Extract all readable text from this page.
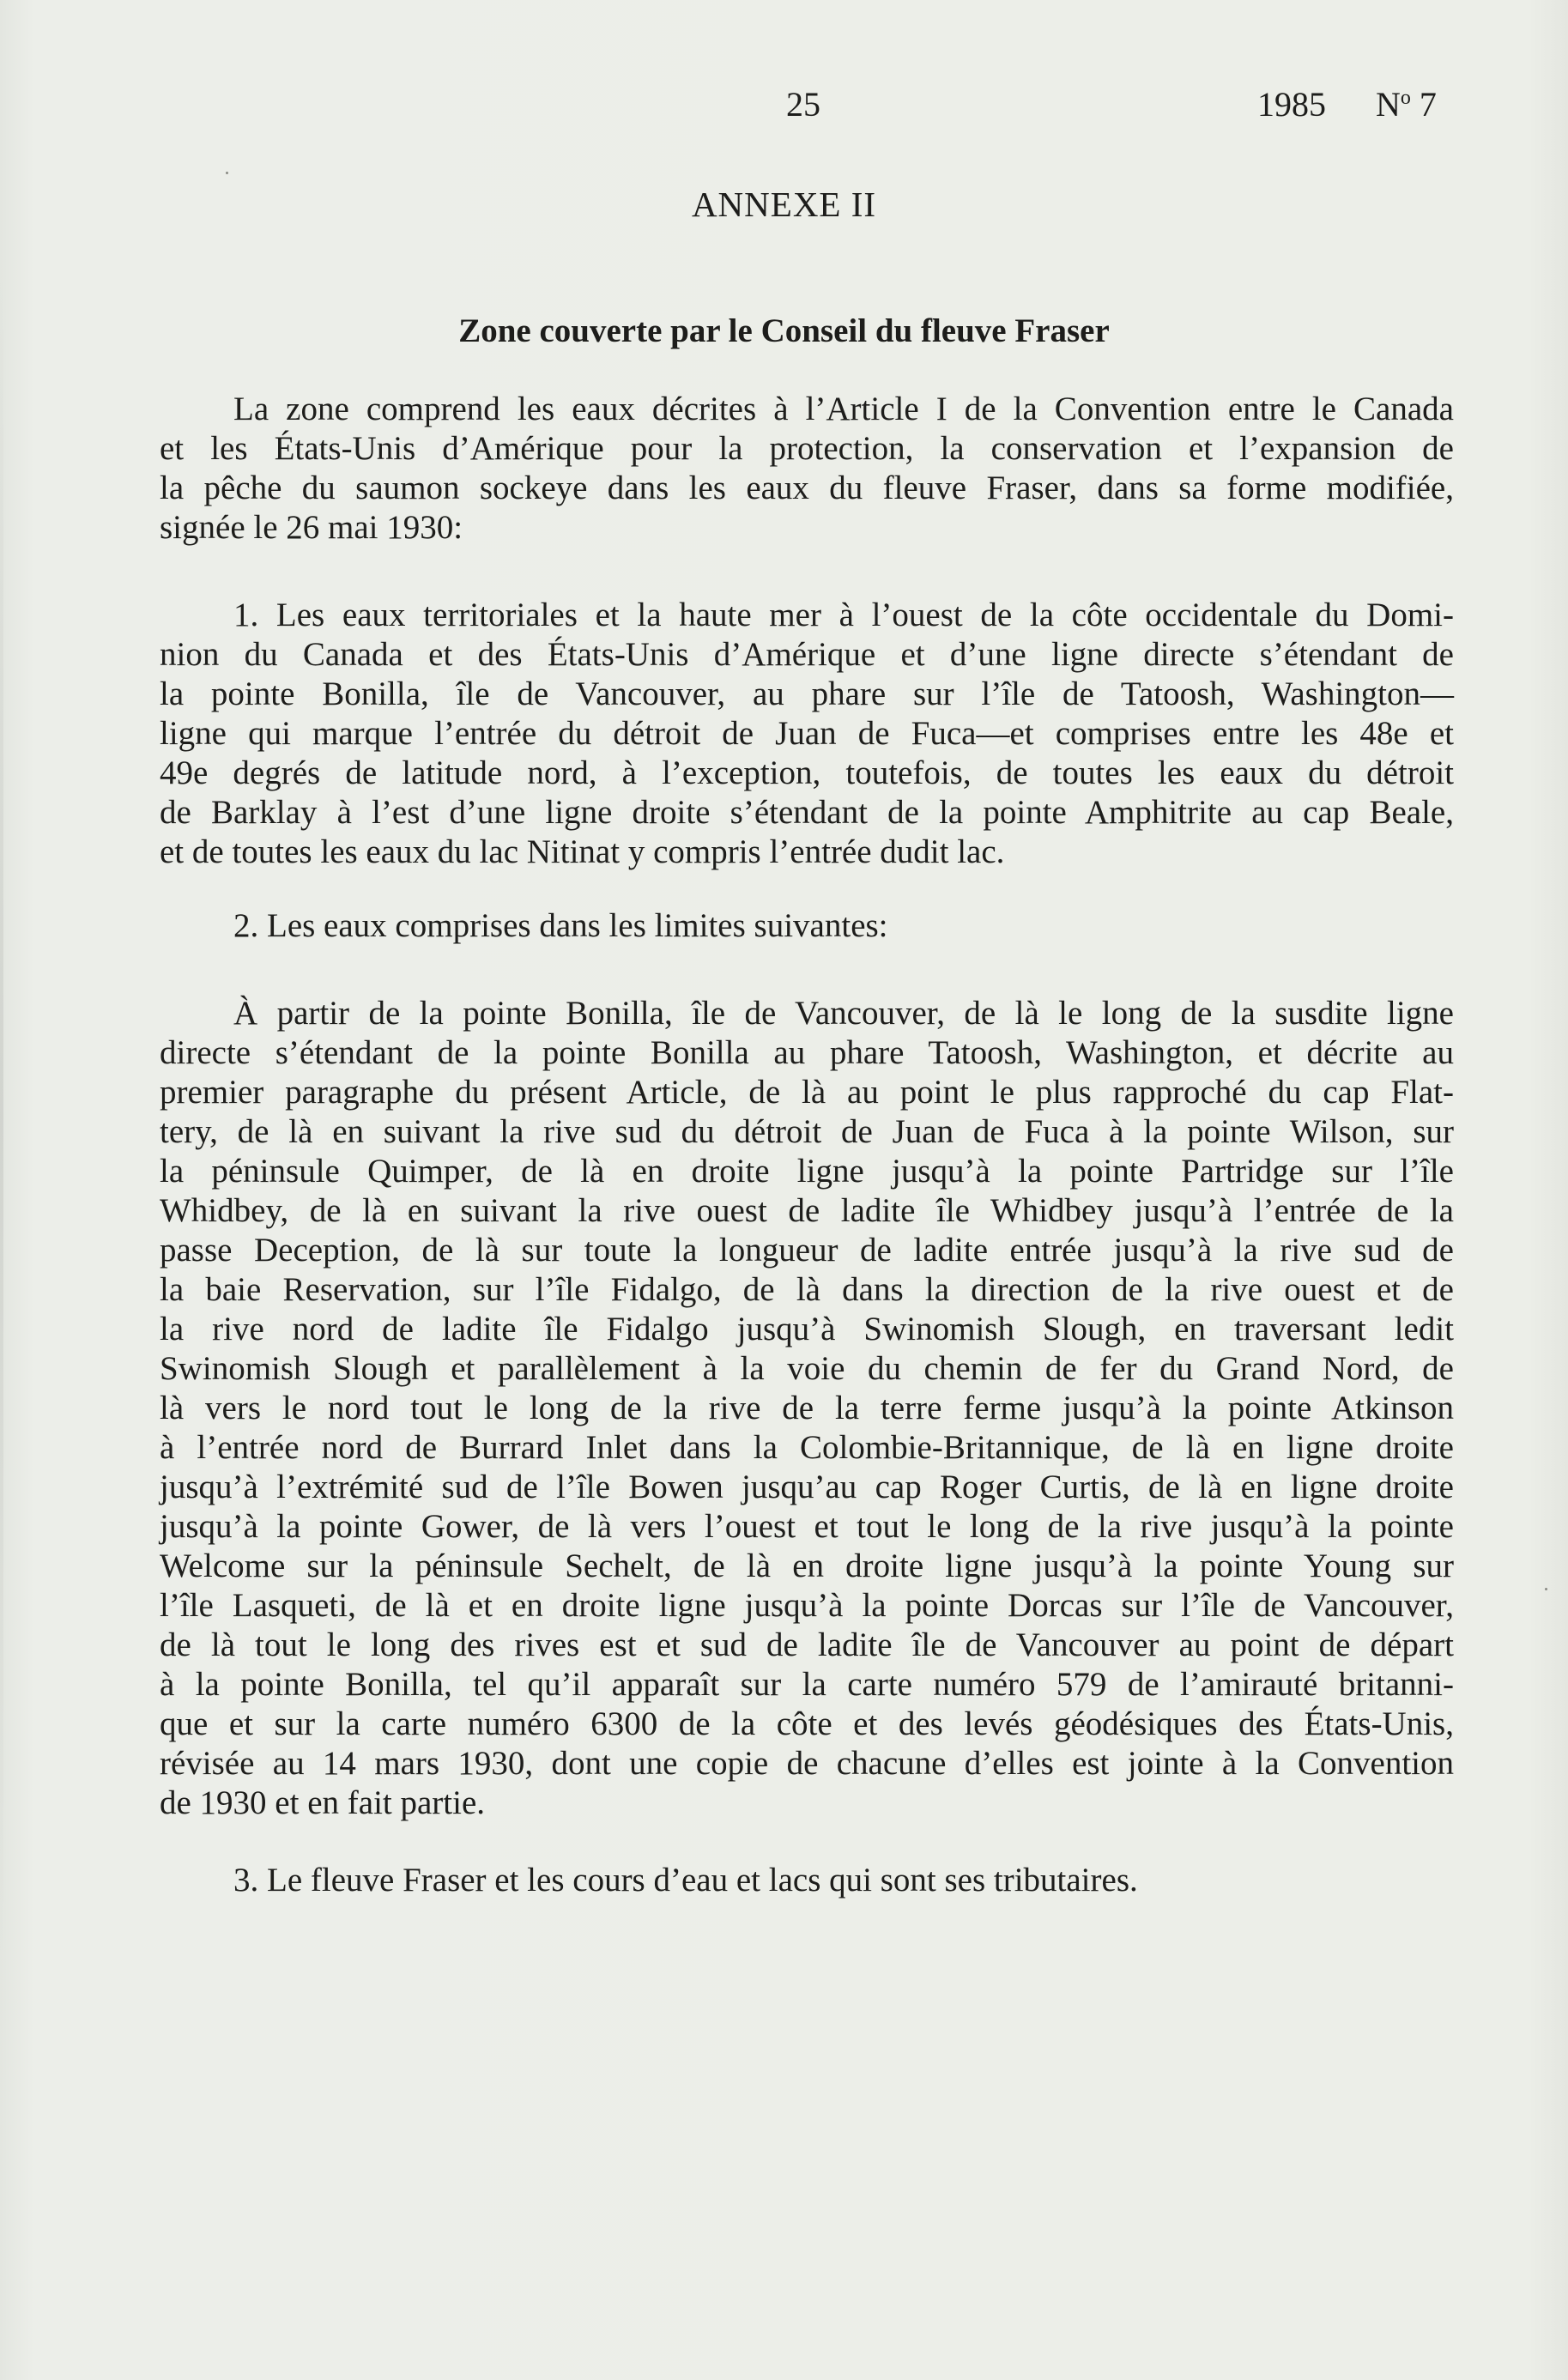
25	1985 $N^o$ 7
ANNEXE II
Zone couverte par le Conseil du fleuve Fraser
La zone comprend les eaux décrites à l’Article I de la Convention entre le Canada
et les États-Unis d’Amérique pour la protection, la conservation et l’expansion de
la pêche du saumon sockeye dans les eaux du fleuve Fraser, dans sa forme modifiée,
signée le 26 mai 1930:
1. Les eaux territoriales et la haute mer à l’ouest de la côte occidentale du Domi-
nion du Canada et des États-Unis d’Amérique et d’une ligne directe s’étendant de
la pointe Bonilla, île de Vancouver, au phare sur l’île de Tatoosh, Washington—
ligne qui marque l’entrée du détroit de Juan de Fuca—et comprises entre les 48e et
49e degrés de latitude nord, à l’exception, toutefois, de toutes les eaux du détroit
de Barklay à l’est d’une ligne droite s’étendant de la pointe Amphitrite au cap Beale,
et de toutes les eaux du lac Nitinat y compris l’entrée dudit lac.
2. Les eaux comprises dans les limites suivantes:
À partir de la pointe Bonilla, île de Vancouver, de là le long de la susdite ligne
directe s’étendant de la pointe Bonilla au phare Tatoosh, Washington, et décrite au
premier paragraphe du présent Article, de là au point le plus rapproché du cap Flat-
tery, de là en suivant la rive sud du détroit de Juan de Fuca à la pointe Wilson, sur
la péninsule Quimper, de là en droite ligne jusqu’à la pointe Partridge sur l’île
Whidbey, de là en suivant la rive ouest de ladite île Whidbey jusqu’à l’entrée de la
passe Deception, de là sur toute la longueur de ladite entrée jusqu’à la rive sud de
la baie Reservation, sur l’île Fidalgo, de là dans la direction de la rive ouest et de
la rive nord de ladite île Fidalgo jusqu’à Swinomish Slough, en traversant ledit
Swinomish Slough et parallèlement à la voie du chemin de fer du Grand Nord, de
là vers le nord tout le long de la rive de la terre ferme jusqu’à la pointe Atkinson
à l’entrée nord de Burrard Inlet dans la Colombie-Britannique, de là en ligne droite
jusqu’à l’extrémité sud de l’île Bowen jusqu’au cap Roger Curtis, de là en ligne droite
jusqu’à la pointe Gower, de là vers l’ouest et tout le long de la rive jusqu’à la pointe
Welcome sur la péninsule Sechelt, de là en droite ligne jusqu’à la pointe Young sur
l’île Lasqueti, de là et en droite ligne jusqu’à la pointe Dorcas sur l’île de Vancouver,
de là tout le long des rives est et sud de ladite île de Vancouver au point de départ
à la pointe Bonilla, tel qu’il apparaît sur la carte numéro 579 de l’amirauté britanni-
que et sur la carte numéro 6300 de la côte et des levés géodésiques des États-Unis,
révisée au 14 mars 1930, dont une copie de chacune d’elles est jointe à la Convention
de 1930 et en fait partie.
3. Le fleuve Fraser et les cours d’eau et lacs qui sont ses tributaires.
